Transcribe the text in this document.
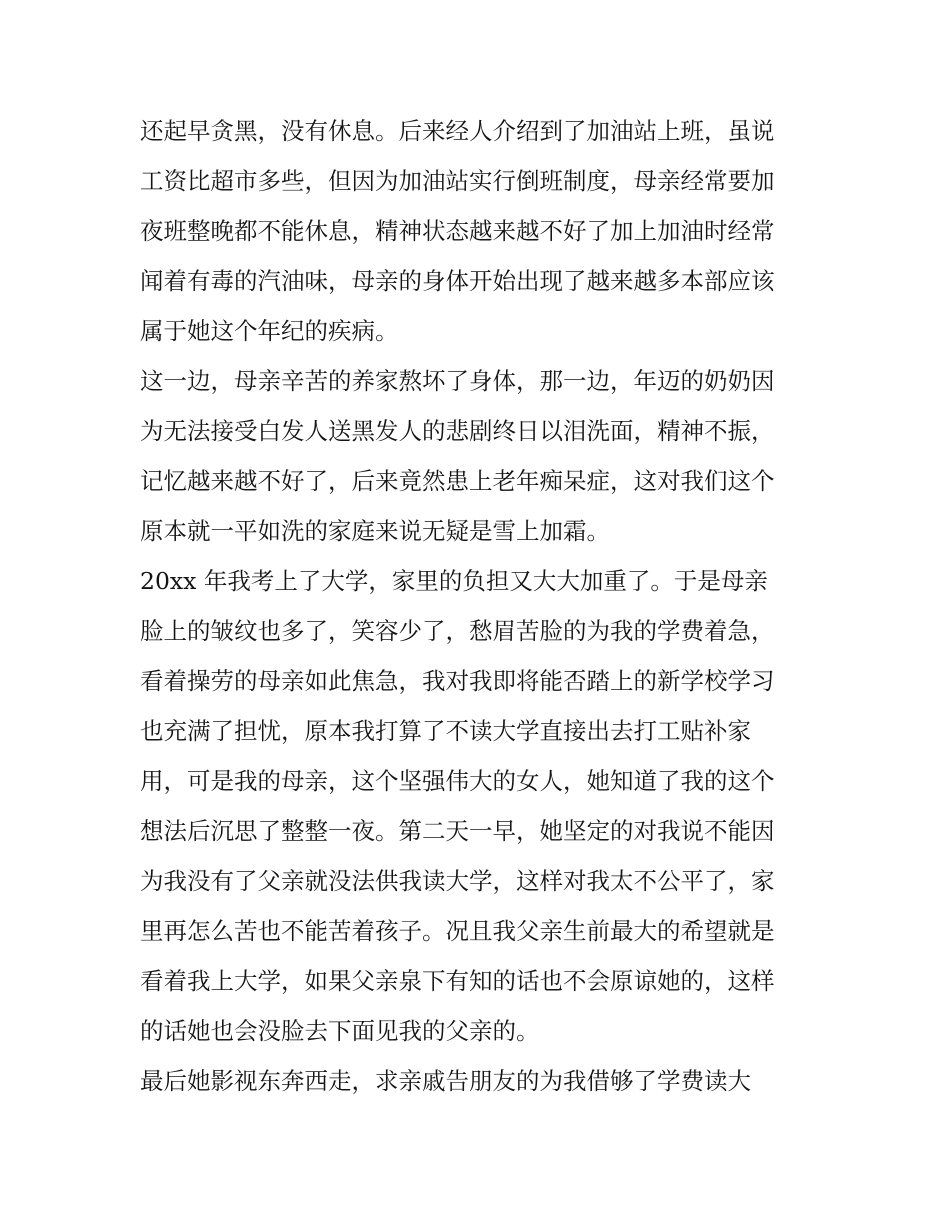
还起早贪黑，没有休息。后来经人介绍到了加油站上班，虽说
工资比超市多些，但因为加油站实行倒班制度，母亲经常要加
夜班整晚都不能休息，精神状态越来越不好了加上加油时经常
闻着有毒的汽油味，母亲的身体开始出现了越来越多本部应该
属于她这个年纪的疾病。
这一边，母亲辛苦的养家熬坏了身体，那一边，年迈的奶奶因
为无法接受白发人送黑发人的悲剧终日以泪洗面，精神不振，
记忆越来越不好了，后来竟然患上老年痴呆症，这对我们这个
原本就一平如洗的家庭来说无疑是雪上加霜。
20xx 年我考上了大学，家里的负担又大大加重了。于是母亲
脸上的皱纹也多了，笑容少了，愁眉苦脸的为我的学费着急，
看着操劳的母亲如此焦急，我对我即将能否踏上的新学校学习
也充满了担忧，原本我打算了不读大学直接出去打工贴补家
用，可是我的母亲，这个坚强伟大的女人，她知道了我的这个
想法后沉思了整整一夜。第二天一早，她坚定的对我说不能因
为我没有了父亲就没法供我读大学，这样对我太不公平了，家
里再怎么苦也不能苦着孩子。况且我父亲生前最大的希望就是
看着我上大学，如果父亲泉下有知的话也不会原谅她的，这样
的话她也会没脸去下面见我的父亲的。
最后她影视东奔西走，求亲戚告朋友的为我借够了学费读大
